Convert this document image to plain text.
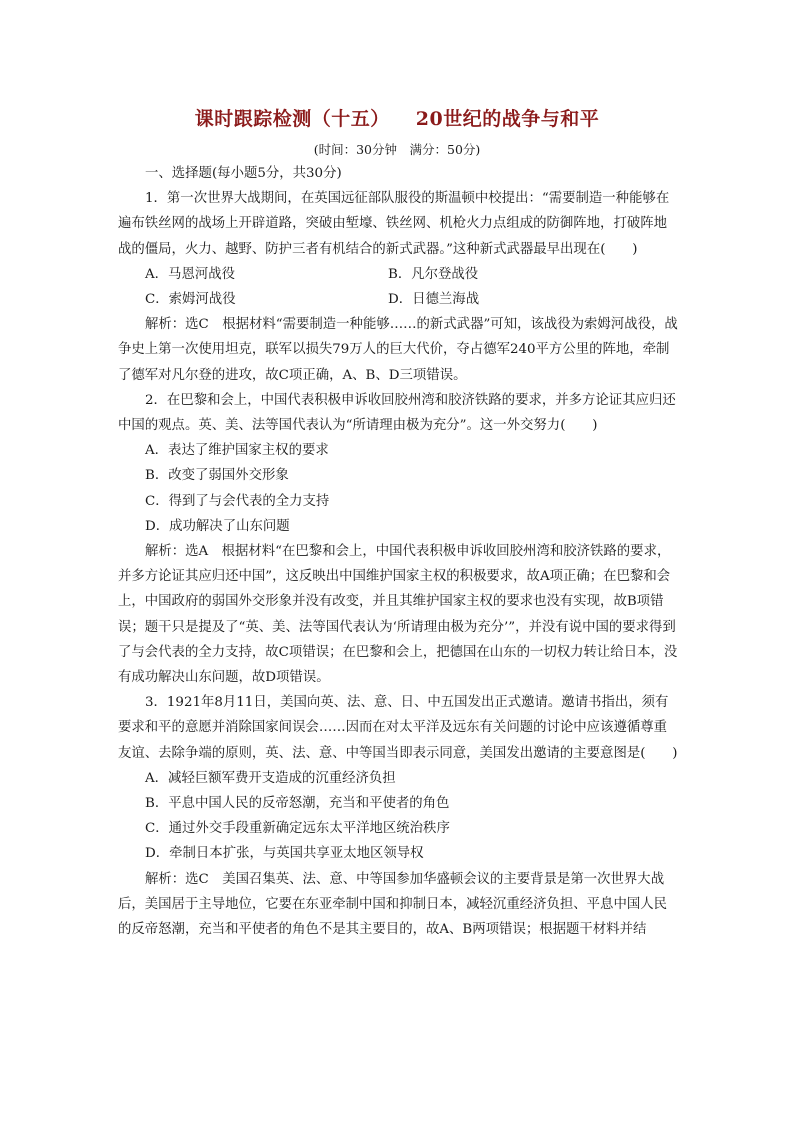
课时跟踪检测（十五） 20世纪的战争与和平
(时间：30分钟　满分：50分)

一、选择题(每小题5分，共30分)

1．第一次世界大战期间，在英国远征部队服役的斯温顿中校提出：“需要制造一种能够在遍布铁丝网的战场上开辟道路，突破由堑壕、铁丝网、机枪火力点组成的防御阵地，打破阵地战的僵局，火力、越野、防护三者有机结合的新式武器。”这种新式武器最早出现在(　　)

A．马恩河战役	B．凡尔登战役
C．索姆河战役	D．日德兰海战

解析：选C　根据材料“需要制造一种能够……的新式武器”可知，该战役为索姆河战役，战争史上第一次使用坦克，联军以损失79万人的巨大代价，夺占德军240平方公里的阵地，牵制了德军对凡尔登的进攻，故C项正确，A、B、D三项错误。

2．在巴黎和会上，中国代表积极申诉收回胶州湾和胶济铁路的要求，并多方论证其应归还中国的观点。英、美、法等国代表认为“所请理由极为充分”。这一外交努力(　　)

A．表达了维护国家主权的要求

B．改变了弱国外交形象

C．得到了与会代表的全力支持

D．成功解决了山东问题

解析：选A　根据材料“在巴黎和会上，中国代表积极申诉收回胶州湾和胶济铁路的要求，并多方论证其应归还中国”，这反映出中国维护国家主权的积极要求，故A项正确；在巴黎和会上，中国政府的弱国外交形象并没有改变，并且其维护国家主权的要求也没有实现，故B项错误；题干只是提及了“英、美、法等国代表认为‘所请理由极为充分’”，并没有说中国的要求得到了与会代表的全力支持，故C项错误；在巴黎和会上，把德国在山东的一切权力转让给日本，没有成功解决山东问题，故D项错误。

3．1921年8月11日，美国向英、法、意、日、中五国发出正式邀请。邀请书指出，须有要求和平的意愿并消除国家间误会……因而在对太平洋及远东有关问题的讨论中应该遵循尊重友谊、去除争端的原则，英、法、意、中等国当即表示同意，美国发出邀请的主要意图是(　　)

A．减轻巨额军费开支造成的沉重经济负担

B．平息中国人民的反帝怒潮，充当和平使者的角色

C．通过外交手段重新确定远东太平洋地区统治秩序

D．牵制日本扩张，与英国共享亚太地区领导权

解析：选C　美国召集英、法、意、中等国参加华盛顿会议的主要背景是第一次世界大战后，美国居于主导地位，它要在东亚牵制中国和抑制日本，减轻沉重经济负担、平息中国人民的反帝怒潮，充当和平使者的角色不是其主要目的，故A、B两项错误；根据题干材料并结
